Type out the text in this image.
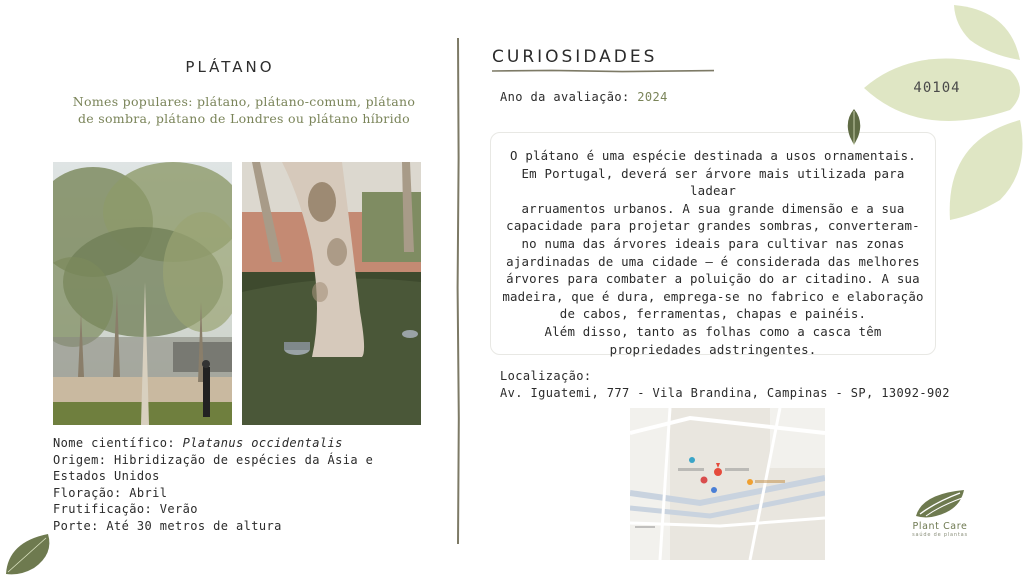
PLÁTANO
Nomes populares: plátano, plátano-comum, plátano
de sombra, plátano de Londres ou plátano híbrido
Nome científico: Platanus occidentalis
Origem: Hibridização de espécies da Ásia e
Estados Unidos
Floração: Abril
Frutificação: Verão
Porte: Até 30 metros de altura
CURIOSIDADES
Ano da avaliação: 2024
O plátano é uma espécie destinada a usos ornamentais.
Em Portugal, deverá ser árvore mais utilizada para ladear
arruamentos urbanos. A sua grande dimensão e a sua
capacidade para projetar grandes sombras, converteram-
no numa das árvores ideais para cultivar nas zonas
ajardinadas de uma cidade – é considerada das melhores
árvores para combater a poluição do ar citadino. A sua
madeira, que é dura, emprega-se no fabrico e elaboração
de cabos, ferramentas, chapas e painéis.
Além disso, tanto as folhas como a casca têm
propriedades adstringentes.
Localização:
Av. Iguatemi, 777 - Vila Brandina, Campinas - SP, 13092-902
40104
Plant Care
saúde de plantas
